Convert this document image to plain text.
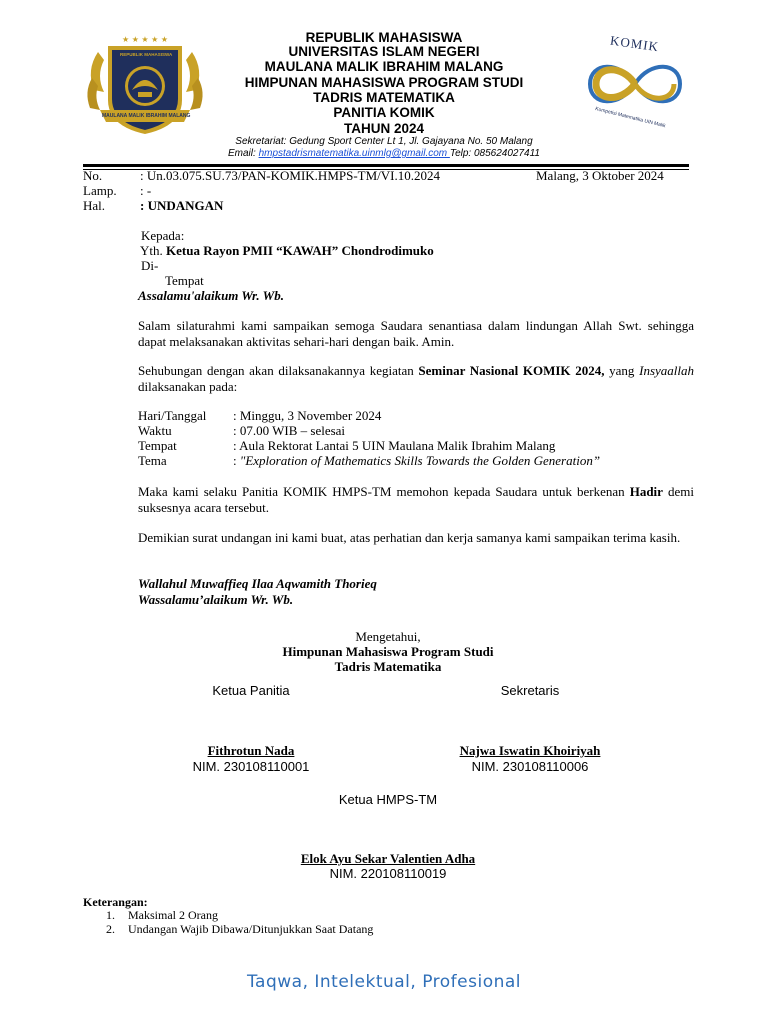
★ ★ ★ ★ ★
REPUBLIK MAHASISWA
MAULANA MALIK IBRAHIM MALANG
REPUBLIK MAHASISWA
UNIVERSITAS ISLAM NEGERI
MAULANA MALIK IBRAHIM MALANG
HIMPUNAN MAHASISWA PROGRAM STUDI
TADRIS MATEMATIKA
PANITIA KOMIK
TAHUN 2024
Sekretariat: Gedung Sport Center Lt 1, Jl. Gajayana No. 50 Malang
Email: hmpstadrismatematika.uinmlg@gmail.com Telp: 085624027411
KOMIK
Kompetisi Matematika UIN Malik
No.	: Un.03.075.SU.73/PAN-KOMIK.HMPS-TM/VI.10.2024	Malang, 3 Oktober 2024
Lamp. : -
Hal.	: UNDANGAN
Kepada:
Yth. Ketua Rayon PMII “KAWAH” Chondrodimuko
Di-
Tempat
Assalamu'alaikum Wr. Wb.
Salam silaturahmi kami sampaikan semoga Saudara senantiasa dalam lindungan Allah Swt. sehingga dapat melaksanakan aktivitas sehari-hari dengan baik. Amin.
Sehubungan dengan akan dilaksanakannya kegiatan Seminar Nasional KOMIK 2024, yang Insyaallah dilaksanakan pada:
Hari/Tanggal : Minggu, 3 November 2024
Waktu	: 07.00 WIB – selesai
Tempat	: Aula Rektorat Lantai 5 UIN Maulana Malik Ibrahim Malang
Tema	: "Exploration of Mathematics Skills Towards the Golden Generation”
Maka kami selaku Panitia KOMIK HMPS-TM memohon kepada Saudara untuk berkenan Hadir demi suksesnya acara tersebut.
Demikian surat undangan ini kami buat, atas perhatian dan kerja samanya kami sampaikan terima kasih.
Wallahul Muwaffieq Ilaa Aqwamith Thorieq
Wassalamu’alaikum Wr. Wb.
Mengetahui,
Himpunan Mahasiswa Program Studi
Tadris Matematika
Ketua Panitia	Sekretaris
Fithrotun Nada
NIM. 230108110001
Najwa Iswatin Khoiriyah
NIM. 230108110006
Ketua HMPS-TM
Elok Ayu Sekar Valentien Adha
NIM. 220108110019
Keterangan:
1. Maksimal 2 Orang
2. Undangan Wajib Dibawa/Ditunjukkan Saat Datang
Taqwa, Intelektual, Profesional
